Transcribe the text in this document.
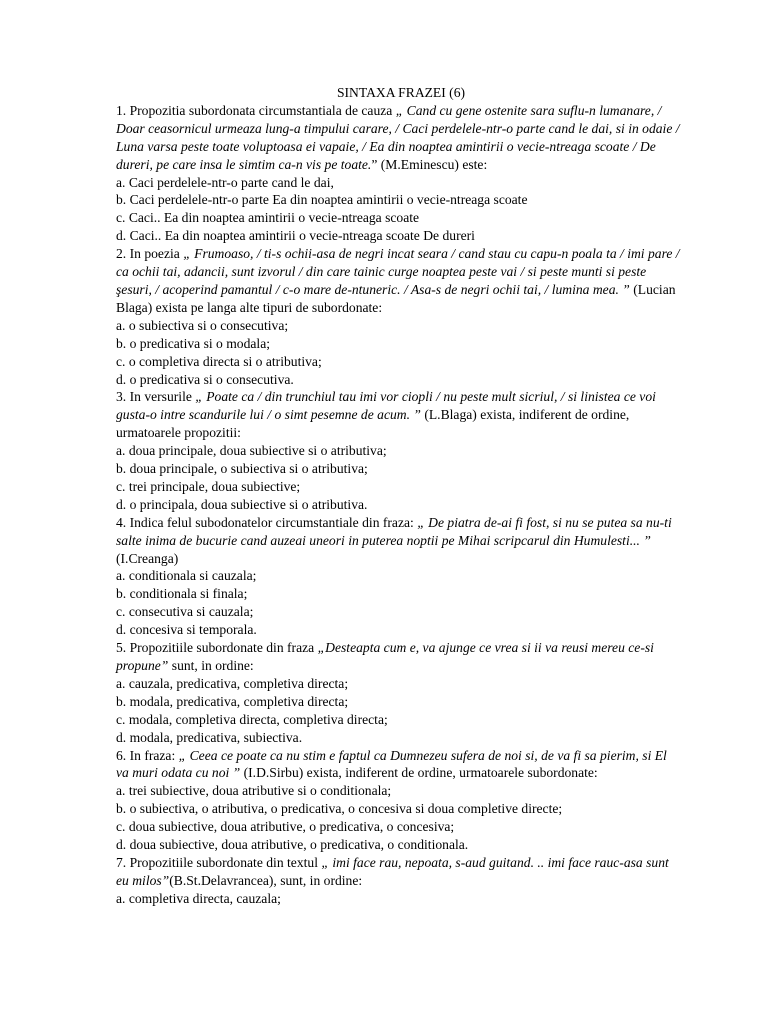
SINTAXA FRAZEI (6)

1. Propozitia subordonata circumstantiala de cauza „ Cand cu gene ostenite sara suflu-n lumanare, / Doar ceasornicul urmeaza lung-a timpului carare, / Caci perdelele-ntr-o parte cand le dai, si in odaie / Luna varsa peste toate voluptoasa ei vapaie, / Ea din noaptea amintirii o vecie-ntreaga scoate / De dureri, pe care insa le simtim ca-n vis pe toate.” (M.Eminescu) este:

a. Caci perdelele-ntr-o parte cand le dai,

b. Caci perdelele-ntr-o parte Ea din noaptea amintirii o vecie-ntreaga scoate

c. Caci.. Ea din noaptea amintirii o vecie-ntreaga scoate

d. Caci.. Ea din noaptea amintirii o vecie-ntreaga scoate De dureri

2. In poezia „ Frumoaso, / ti-s ochii-asa de negri incat seara / cand stau cu capu-n poala ta / imi pare / ca ochii tai, adancii, sunt izvorul / din care tainic curge noaptea peste vai / si peste munti si peste şesuri, / acoperind pamantul / c-o mare de-ntuneric. / Asa-s de negri ochii tai, / lumina mea. ” (Lucian Blaga) exista pe langa alte tipuri de subordonate:

a. o subiectiva si o consecutiva;

b. o predicativa si o modala;

c. o completiva directa si o atributiva;

d. o predicativa si o consecutiva.

3. In versurile „ Poate ca / din trunchiul tau imi vor ciopli / nu peste mult sicriul, / si linistea ce voi gusta-o intre scandurile lui / o simt pesemne de acum. ” (L.Blaga) exista, indiferent de ordine, urmatoarele propozitii:

a. doua principale, doua subiective si o atributiva;

b. doua principale, o subiectiva si o atributiva;

c. trei principale, doua subiective;

d. o principala, doua subiective si o atributiva.

4. Indica felul subodonatelor circumstantiale din fraza: „ De piatra de-ai fi fost, si nu se putea sa nu-ti salte inima de bucurie cand auzeai uneori in puterea noptii pe Mihai scripcarul din Humulesti... ” (I.Creanga)

a. conditionala si cauzala;

b. conditionala si finala;

c. consecutiva si cauzala;

d. concesiva si temporala.

5. Propozitiile subordonate din fraza „Desteapta cum e, va ajunge ce vrea si ii va reusi mereu ce-si propune” sunt, in ordine:

a. cauzala, predicativa, completiva directa;

b. modala, predicativa, completiva directa;

c. modala, completiva directa, completiva directa;

d. modala, predicativa, subiectiva.

6. In fraza: „ Ceea ce poate ca nu stim e faptul ca Dumnezeu sufera de noi si, de va fi sa pierim, si El va muri odata cu noi ” (I.D.Sirbu) exista, indiferent de ordine, urmatoarele subordonate:

a. trei subiective, doua atributive si o conditionala;

b. o subiectiva, o atributiva, o predicativa, o concesiva si doua completive directe;

c. doua subiective, doua atributive, o predicativa, o concesiva;

d. doua subiective, doua atributive, o predicativa, o conditionala.

7. Propozitiile subordonate din textul „ imi face rau, nepoata, s-aud guitand. .. imi face rauc-asa sunt eu milos”(B.St.Delavrancea), sunt, in ordine:

a. completiva directa, cauzala;
